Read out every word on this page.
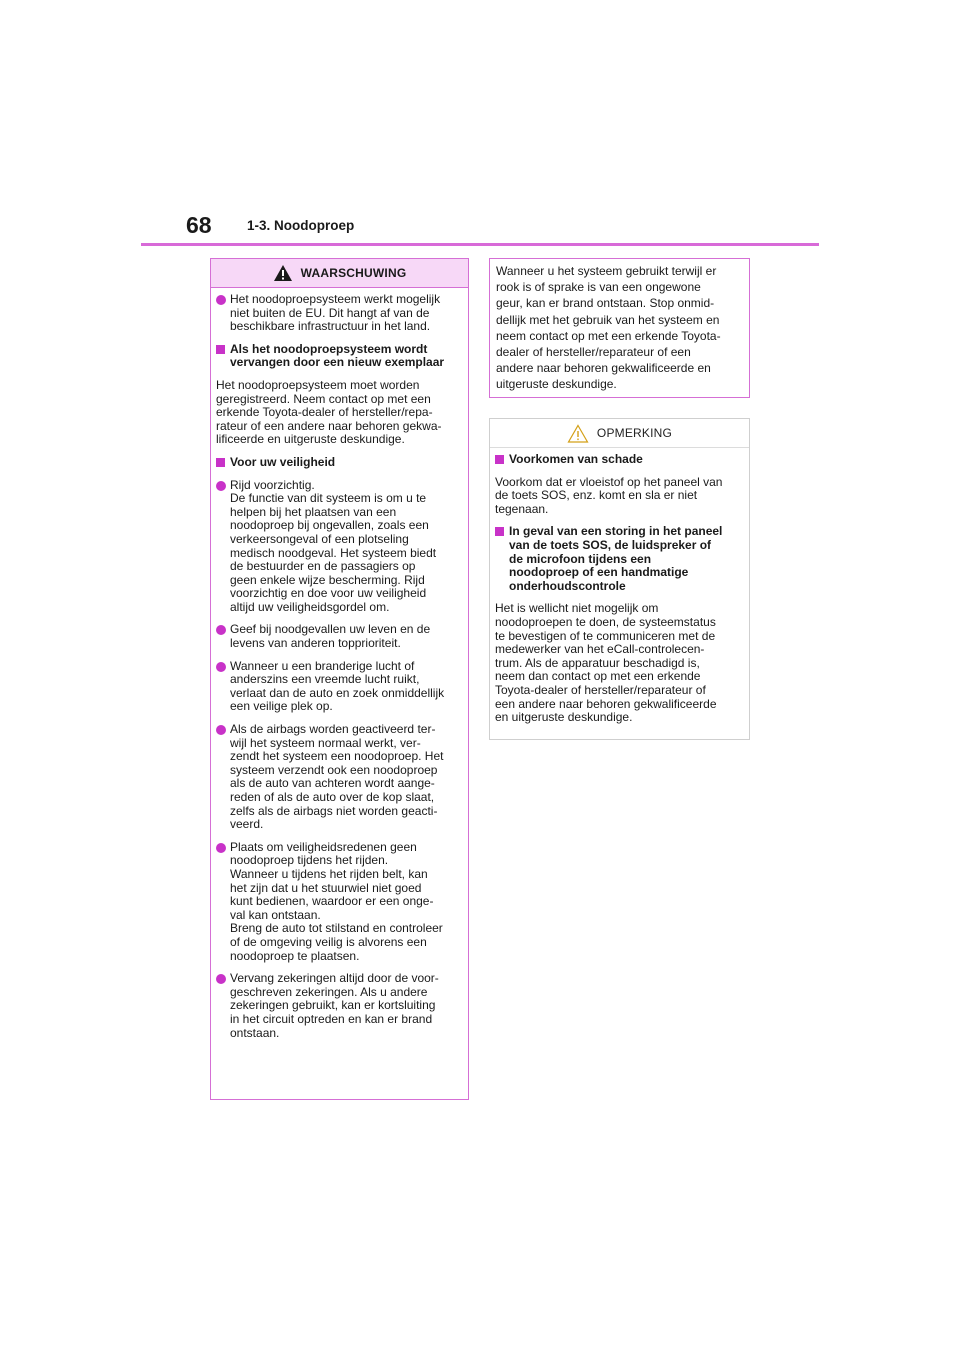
68	1-3. Noodoproep
WAARSCHUWING
Het noodoproepsysteem werkt mogelijk
niet buiten de EU. Dit hangt af van de
beschikbare infrastructuur in het land.
Als het noodoproepsysteem wordt
vervangen door een nieuw exemplaar
Het noodoproepsysteem moet worden
geregistreerd. Neem contact op met een
erkende Toyota-dealer of hersteller/repa-
rateur of een andere naar behoren gekwa-
lificeerde en uitgeruste deskundige.
Voor uw veiligheid
Rijd voorzichtig.
De functie van dit systeem is om u te
helpen bij het plaatsen van een
noodoproep bij ongevallen, zoals een
verkeersongeval of een plotseling
medisch noodgeval. Het systeem biedt
de bestuurder en de passagiers op
geen enkele wijze bescherming. Rijd
voorzichtig en doe voor uw veiligheid
altijd uw veiligheidsgordel om.
Geef bij noodgevallen uw leven en de
levens van anderen topprioriteit.
Wanneer u een branderige lucht of
anderszins een vreemde lucht ruikt,
verlaat dan de auto en zoek onmiddellijk
een veilige plek op.
Als de airbags worden geactiveerd ter-
wijl het systeem normaal werkt, ver-
zendt het systeem een noodoproep. Het
systeem verzendt ook een noodoproep
als de auto van achteren wordt aange-
reden of als de auto over de kop slaat,
zelfs als de airbags niet worden geacti-
veerd.
Plaats om veiligheidsredenen geen
noodoproep tijdens het rijden.
Wanneer u tijdens het rijden belt, kan
het zijn dat u het stuurwiel niet goed
kunt bedienen, waardoor er een onge-
val kan ontstaan.
Breng de auto tot stilstand en controleer
of de omgeving veilig is alvorens een
noodoproep te plaatsen.
Vervang zekeringen altijd door de voor-
geschreven zekeringen. Als u andere
zekeringen gebruikt, kan er kortsluiting
in het circuit optreden en kan er brand
ontstaan.
Wanneer u het systeem gebruikt terwijl er
rook is of sprake is van een ongewone
geur, kan er brand ontstaan. Stop onmid-
dellijk met het gebruik van het systeem en
neem contact op met een erkende Toyota-
dealer of hersteller/reparateur of een
andere naar behoren gekwalificeerde en
uitgeruste deskundige.
OPMERKING
Voorkomen van schade
Voorkom dat er vloeistof op het paneel van
de toets SOS, enz. komt en sla er niet
tegenaan.
In geval van een storing in het paneel
van de toets SOS, de luidspreker of
de microfoon tijdens een
noodoproep of een handmatige
onderhoudscontrole
Het is wellicht niet mogelijk om
noodoproepen te doen, de systeemstatus
te bevestigen of te communiceren met de
medewerker van het eCall-controlecen-
trum. Als de apparatuur beschadigd is,
neem dan contact op met een erkende
Toyota-dealer of hersteller/reparateur of
een andere naar behoren gekwalificeerde
en uitgeruste deskundige.
